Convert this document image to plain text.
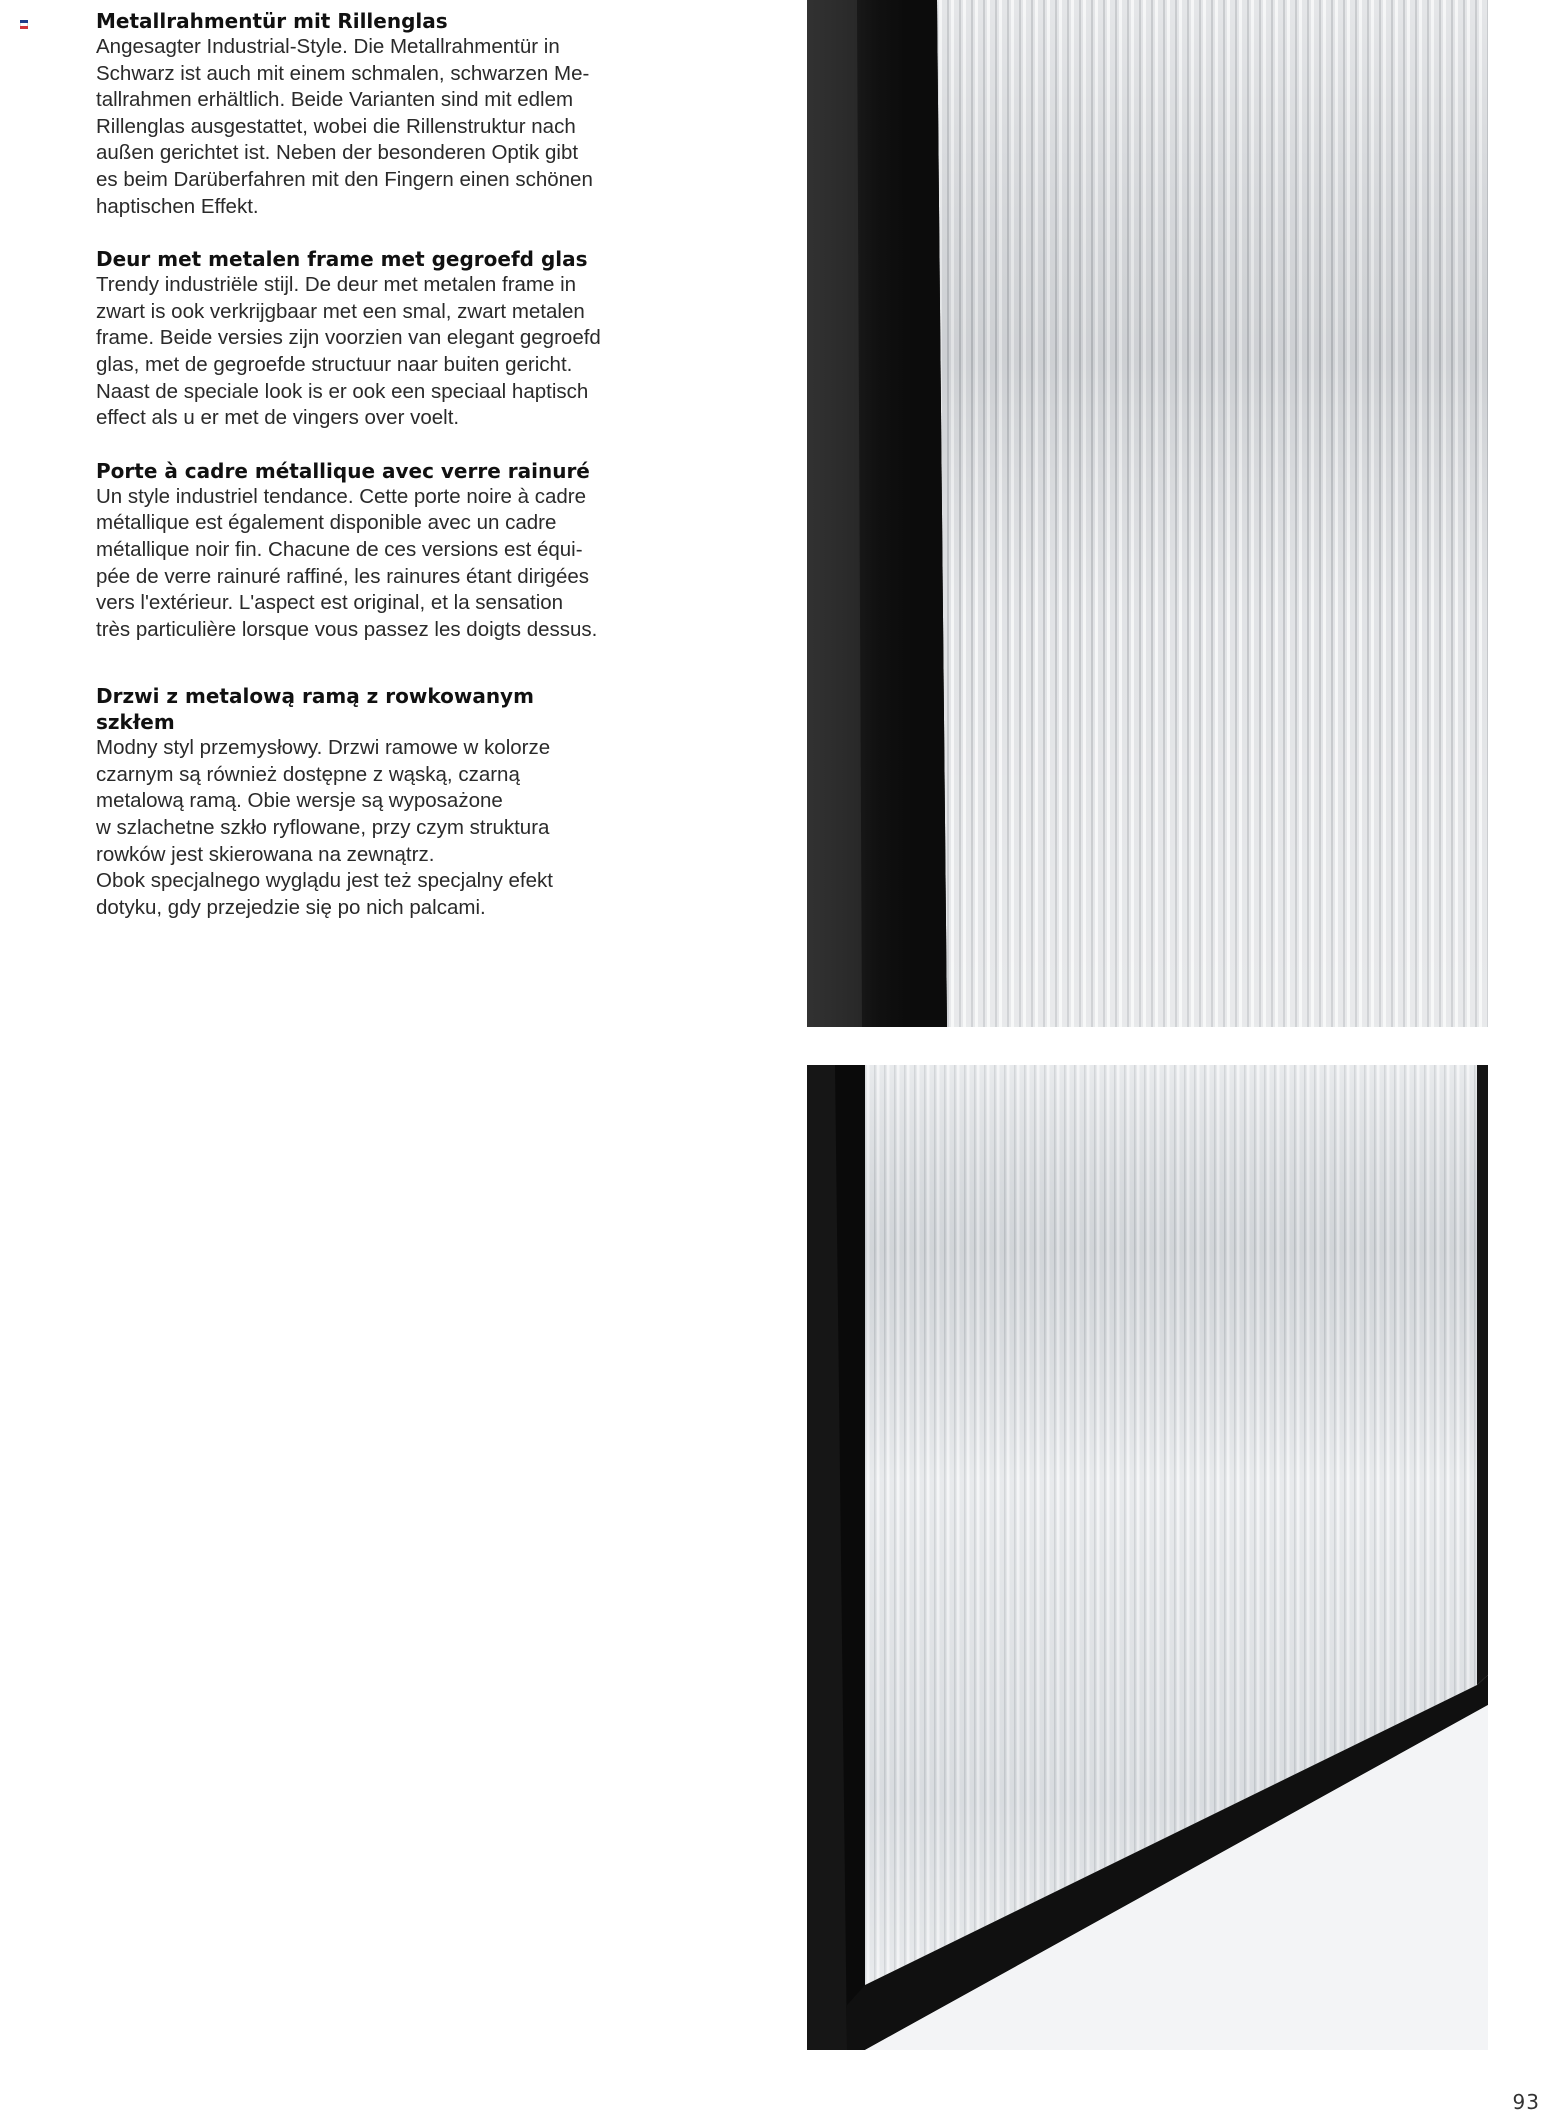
Metallrahmentür mit Rillenglas

Angesagter Industrial-Style. Die Metallrahmentür in

Schwarz ist auch mit einem schmalen, schwarzen Me-

tallrahmen erhältlich. Beide Varianten sind mit edlem

Rillenglas ausgestattet, wobei die Rillenstruktur nach

außen gerichtet ist. Neben der besonderen Optik gibt

es beim Darüberfahren mit den Fingern einen schönen

haptischen Effekt.

Deur met metalen frame met gegroefd glas

Trendy industriële stijl. De deur met metalen frame in

zwart is ook verkrijgbaar met een smal, zwart metalen

frame. Beide versies zijn voorzien van elegant gegroefd

glas, met de gegroefde structuur naar buiten gericht.

Naast de speciale look is er ook een speciaal haptisch

effect als u er met de vingers over voelt.

Porte à cadre métallique avec verre rainuré

Un style industriel tendance. Cette porte noire à cadre

métallique est également disponible avec un cadre

métallique noir fin. Chacune de ces versions est équi-

pée de verre rainuré raffiné, les rainures étant dirigées

vers l'extérieur. L'aspect est original, et la sensation

très particulière lorsque vous passez les doigts dessus.

Drzwi z metalową ramą z rowkowanym szkłem

Modny styl przemysłowy. Drzwi ramowe w kolorze

czarnym są również dostępne z wąską, czarną

metalową ramą. Obie wersje są wyposażone

w szlachetne szkło ryflowane, przy czym struktura

rowków jest skierowana na zewnątrz.

Obok specjalnego wyglądu jest też specjalny efekt

dotyku, gdy przejedzie się po nich palcami.

93
